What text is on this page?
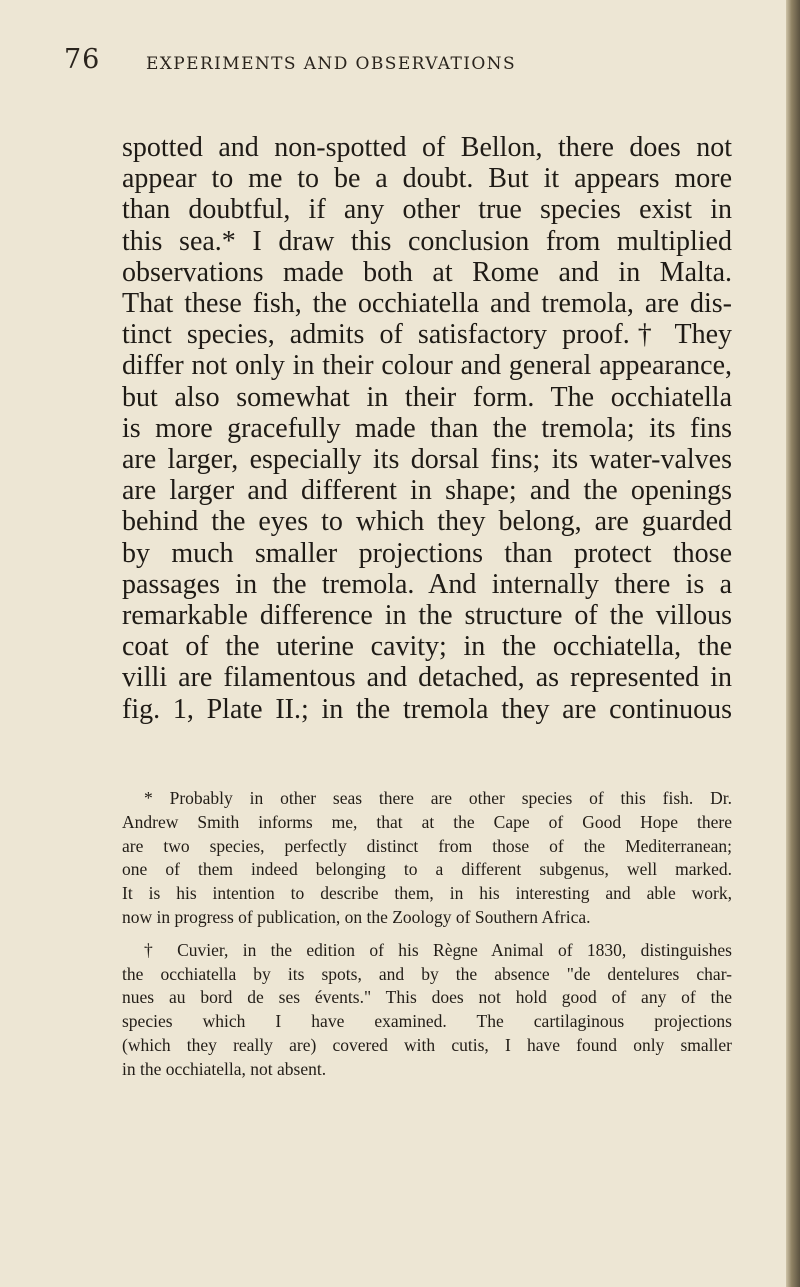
76	EXPERIMENTS AND OBSERVATIONS
spotted and non-spotted of Bellon, there does not
appear to me to be a doubt. But it appears more
than doubtful, if any other true species exist in
this sea.* I draw this conclusion from multiplied
observations made both at Rome and in Malta.
That these fish, the occhiatella and tremola, are dis-
tinct species, admits of satisfactory proof.† They
differ not only in their colour and general appearance,
but also somewhat in their form. The occhiatella
is more gracefully made than the tremola; its fins
are larger, especially its dorsal fins; its water-valves
are larger and different in shape; and the openings
behind the eyes to which they belong, are guarded
by much smaller projections than protect those
passages in the tremola. And internally there is a
remarkable difference in the structure of the villous
coat of the uterine cavity; in the occhiatella, the
villi are filamentous and detached, as represented in
fig. 1, Plate II.; in the tremola they are continuous
* Probably in other seas there are other species of this fish. Dr.
Andrew Smith informs me, that at the Cape of Good Hope there
are two species, perfectly distinct from those of the Mediterranean;
one of them indeed belonging to a different subgenus, well marked.
It is his intention to describe them, in his interesting and able work,
now in progress of publication, on the Zoology of Southern Africa.
† Cuvier, in the edition of his Règne Animal of 1830, distinguishes
the occhiatella by its spots, and by the absence "de dentelures char-
nues au bord de ses évents." This does not hold good of any of the
species which I have examined. The cartilaginous projections
(which they really are) covered with cutis, I have found only smaller
in the occhiatella, not absent.
